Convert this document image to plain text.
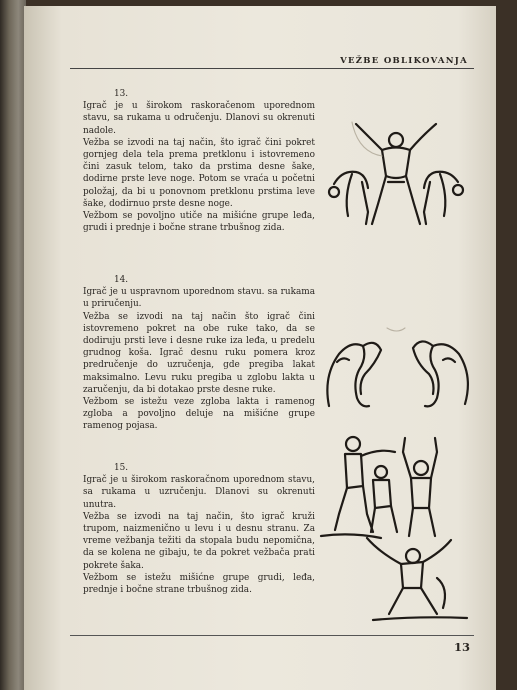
VEŽBE OBLIKOVANJA
13.
Igrač je u širokom raskoračenom uporednom stavu, sa rukama u odručenju. Dlanovi su okrenuti nadole.
Vežba se izvodi na taj način, što igrač čini pokret gornjeg dela tela prema pretklonu i istovremeno čini zasuk telom, tako da prstima desne šake, dodirne prste leve noge. Potom se vraća u početni položaj, da bi u ponovnom pretklonu prstima leve šake, dodirnuo prste desne noge.
Vežbom se povoljno utiče na mišićne grupe leđa, grudi i prednje i bočne strane trbušnog zida.
14.
Igrač je u uspravnom uporednom stavu. sa rukama u priručenju.
Vežba se izvodi na taj način što igrač čini istovremeno pokret na obe ruke tako, da se dodiruju prsti leve i desne ruke iza leđa, u predelu grudnog koša. Igrač desnu ruku pomera kroz predručenje do uzručenja, gde pregiba lakat maksimalno. Levu ruku pregiba u zglobu lakta u zaručenju, da bi dotakao prste desne ruke.
Vežbom se istežu veze zgloba lakta i ramenog zgloba a povoljno deluje na mišićne grupe ramenog pojasa.
15.
Igrač je u širokom raskoračnom uporednom stavu, sa rukama u uzručenju. Dlanovi su okrenuti unutra.
Vežba se izvodi na taj način, što igrač kruži trupom, naizmenično u levu i u desnu stranu. Za vreme vežbanja težiti da stopala budu nepomična, da se kolena ne gibaju, te da pokret vežbača prati pokrete šaka.
Vežbom se istežu mišićne grupe grudi, leđa, prednje i bočne strane trbušnog zida.
13
